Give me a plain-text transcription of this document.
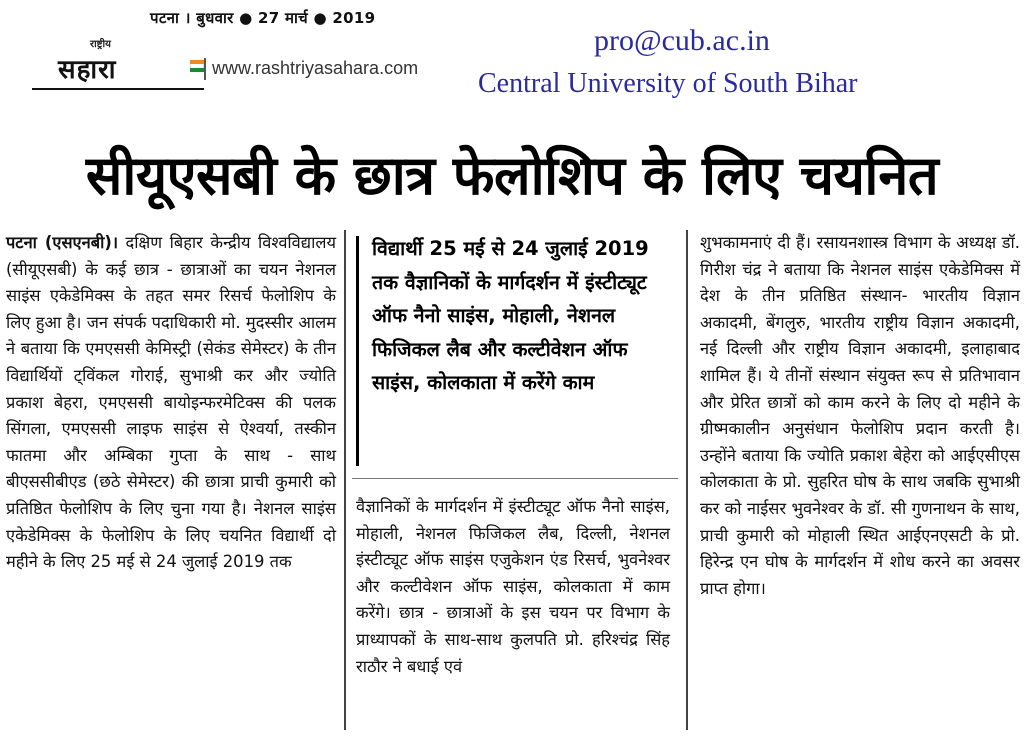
पटना । बुधवार ● 27 मार्च ● 2019
राष्ट्रीय
सहारा	www.rashtriyasahara.com
pro@cub.ac.in
Central University of South Bihar
सीयूएसबी के छात्र फेलोशिप के लिए चयनित
पटना (एसएनबी)। दक्षिण बिहार केन्द्रीय विश्वविद्यालय (सीयूएसबी) के कई छात्र - छात्राओं का चयन नेशनल साइंस एकेडेमिक्स के तहत समर रिसर्च फेलोशिप के लिए हुआ है। जन संपर्क पदाधिकारी मो. मुदस्सीर आलम ने बताया कि एमएससी केमिस्ट्री (सेकंड सेमेस्टर) के तीन विद्यार्थियों ट्विंकल गोराई, सुभाश्री कर और ज्योति प्रकाश बेहरा, एमएससी बायोइन्फरमेटिक्स की पलक सिंगला, एमएससी लाइफ साइंस से ऐश्वर्या, तस्कीन फातमा और अम्बिका गुप्ता के साथ - साथ बीएससीबीएड (छठे सेमेस्टर) की छात्रा प्राची कुमारी को प्रतिष्ठित फेलोशिप के लिए चुना गया है। नेशनल साइंस एकेडेमिक्स के फेलोशिप के लिए चयनित विद्यार्थी दो महीने के लिए 25 मई से 24 जुलाई 2019 तक
विद्यार्थी 25 मई से 24 जुलाई 2019 तक वैज्ञानिकों के मार्गदर्शन में इंस्टीट्यूट ऑफ नैनो साइंस, मोहाली, नेशनल फिजिकल लैब और कल्टीवेशन ऑफ साइंस, कोलकाता में करेंगे काम
वैज्ञानिकों के मार्गदर्शन में इंस्टीट्यूट ऑफ नैनो साइंस, मोहाली, नेशनल फिजिकल लैब, दिल्ली, नेशनल इंस्टीट्यूट ऑफ साइंस एजुकेशन एंड रिसर्च, भुवनेश्वर और कल्टीवेशन ऑफ साइंस, कोलकाता में काम करेंगे। छात्र - छात्राओं के इस चयन पर विभाग के प्राध्यापकों के साथ-साथ कुलपति प्रो. हरिश्चंद्र सिंह राठौर ने बधाई एवं
शुभकामनाएं दी हैं। रसायनशास्त्र विभाग के अध्यक्ष डॉ. गिरीश चंद्र ने बताया कि नेशनल साइंस एकेडेमिक्स में देश के तीन प्रतिष्ठित संस्थान- भारतीय विज्ञान अकादमी, बेंगलुरु, भारतीय राष्ट्रीय विज्ञान अकादमी, नई दिल्ली और राष्ट्रीय विज्ञान अकादमी, इलाहाबाद शामिल हैं। ये तीनों संस्थान संयुक्त रूप से प्रतिभावान और प्रेरित छात्रों को काम करने के लिए दो महीने के ग्रीष्मकालीन अनुसंधान फेलोशिप प्रदान करती है। उन्होंने बताया कि ज्योति प्रकाश बेहेरा को आईएसीएस कोलकाता के प्रो. सुहरित घोष के साथ जबकि सुभाश्री कर को नाईसर भुवनेश्वर के डॉ. सी गुणनाथन के साथ, प्राची कुमारी को मोहाली स्थित आईएनएसटी के प्रो. हिरेन्द्र एन घोष के मार्गदर्शन में शोध करने का अवसर प्राप्त होगा।
